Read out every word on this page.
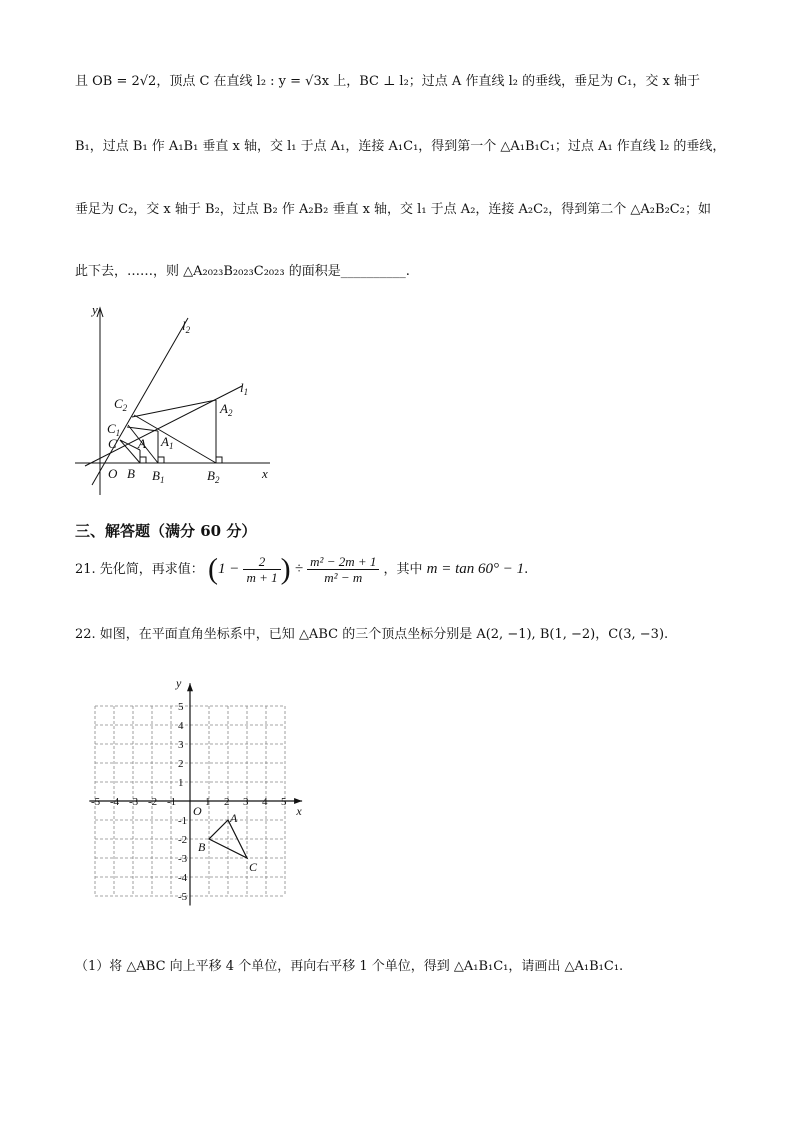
且 OB = 2√2，顶点 C 在直线 l₂ : y = √3x 上，BC ⊥ l₂；过点 A 作直线 l₂ 的垂线，垂足为 C₁，交 x 轴于
B₁，过点 B₁ 作 A₁B₁ 垂直 x 轴，交 l₁ 于点 A₁，连接 A₁C₁，得到第一个 △A₁B₁C₁；过点 A₁ 作直线 l₂ 的垂线，
垂足为 C₂，交 x 轴于 B₂，过点 B₂ 作 A₂B₂ 垂直 x 轴，交 l₁ 于点 A₂，连接 A₂C₂，得到第二个 △A₂B₂C₂；如
此下去，……，则 △A₂₀₂₃B₂₀₂₃C₂₀₂₃ 的面积是__________.
y
x
$l_2$
$l_1$
O B $B_1$	$B_2$
A $A_1$
$A_2$
C
$C_1$
$C_2$
三、解答题（满分 60 分）
21. 先化简，再求值： ($1 - \frac{2}{m + 1}$ ) ÷ $\frac{\text{m² − 2m + 1}}{\text{m² − m}}$ ，其中 m = tan 60° − 1.
22. 如图，在平面直角坐标系中，已知 △ABC 的三个顶点坐标分别是 A(2, −1), B(1, −2)，C(3, −3).
-5 -4 -3 -2 -1	1 2 3 4 5
5
4
3
2
1
-1
-2
-3
-4
-5
O	x
y
A
B
C
（1）将 △ABC 向上平移 4 个单位，再向右平移 1 个单位，得到 △A₁B₁C₁，请画出 △A₁B₁C₁.
